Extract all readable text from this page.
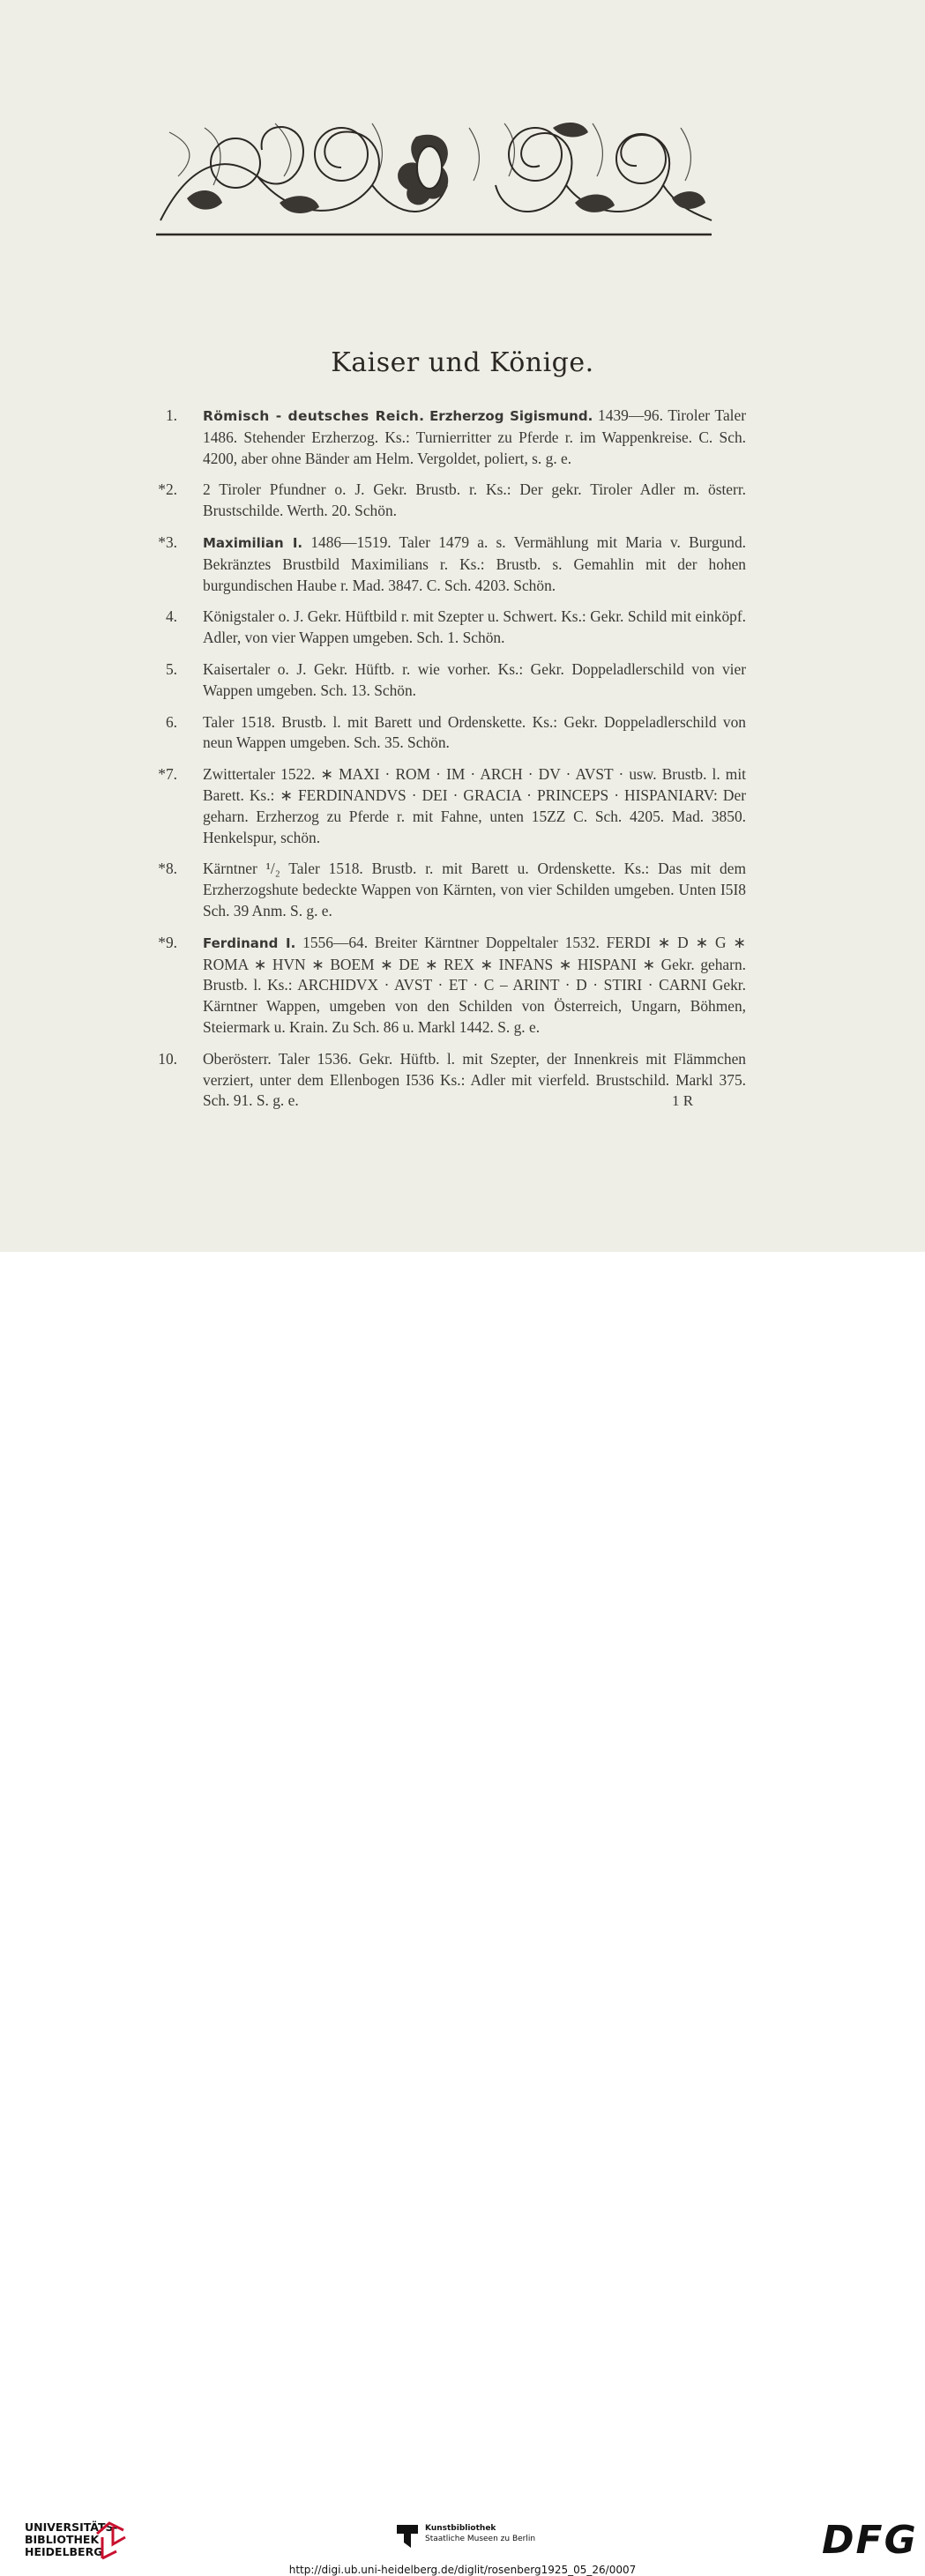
Kaiser und Könige.
1. Römisch - deutsches Reich. Erzherzog Sigismund. 1439—96. Tiroler Taler 1486. Stehender Erzherzog. Ks.: Turnierritter zu Pferde r. im Wappenkreise. C. Sch. 4200, aber ohne Bänder am Helm. Vergoldet, poliert, s. g. e.

*2. 2 Tiroler Pfundner o. J. Gekr. Brustb. r. Ks.: Der gekr. Tiroler Adler m. österr. Brustschilde. Werth. 20. Schön.

*3. Maximilian I. 1486—1519. Taler 1479 a. s. Vermählung mit Maria v. Burgund. Bekränztes Brustbild Maximilians r. Ks.: Brustb. s. Gemahlin mit der hohen burgundischen Haube r. Mad. 3847. C. Sch. 4203. Schön.

4. Königstaler o. J. Gekr. Hüftbild r. mit Szepter u. Schwert. Ks.: Gekr. Schild mit einköpf. Adler, von vier Wappen umgeben. Sch. 1. Schön.

5. Kaisertaler o. J. Gekr. Hüftb. r. wie vorher. Ks.: Gekr. Doppeladlerschild von vier Wappen umgeben. Sch. 13. Schön.

6. Taler 1518. Brustb. l. mit Barett und Ordenskette. Ks.: Gekr. Doppeladlerschild von neun Wappen umgeben. Sch. 35. Schön.

*7. Zwittertaler 1522. ∗ MAXI · ROM · IM · ARCH · DV · AVST · usw. Brustb. l. mit Barett. Ks.: ∗ FERDINANDVS · DEI · GRACIA · PRINCEPS · HISPANIARV: Der geharn. Erzherzog zu Pferde r. mit Fahne, unten 15ZZ C. Sch. 4205. Mad. 3850. Henkelspur, schön.

*8. Kärntner ¹/₂ Taler 1518. Brustb. r. mit Barett u. Ordenskette. Ks.: Das mit dem Erzherzogshute bedeckte Wappen von Kärnten, von vier Schilden umgeben. Unten I5I8 Sch. 39 Anm. S. g. e.

*9. Ferdinand I. 1556—64. Breiter Kärntner Doppeltaler 1532. FERDI ∗ D ∗ G ∗ ROMA ∗ HVN ∗ BOEM ∗ DE ∗ REX ∗ INFANS ∗ HISPANI ∗ Gekr. geharn. Brustb. l. Ks.: ARCHIDVX · AVST · ET · C – ARINT · D · STIRI · CARNI Gekr. Kärntner Wappen, umgeben von den Schilden von Österreich, Ungarn, Böhmen, Steiermark u. Krain. Zu Sch. 86 u. Markl 1442. S. g. e.

10. Oberösterr. Taler 1536. Gekr. Hüftb. l. mit Szepter, der Innenkreis mit Flämmchen verziert, unter dem Ellenbogen I536 Ks.: Adler mit vierfeld. Brustschild. Markl 375. Sch. 91. S. g. e.	1 R
UNIVERSITÄTS-
BIBLIOTHEK
HEIDELBERG
Kunstbibliothek
Staatliche Museen zu Berlin	DFG
http://digi.ub.uni-heidelberg.de/diglit/rosenberg1925_05_26/0007
